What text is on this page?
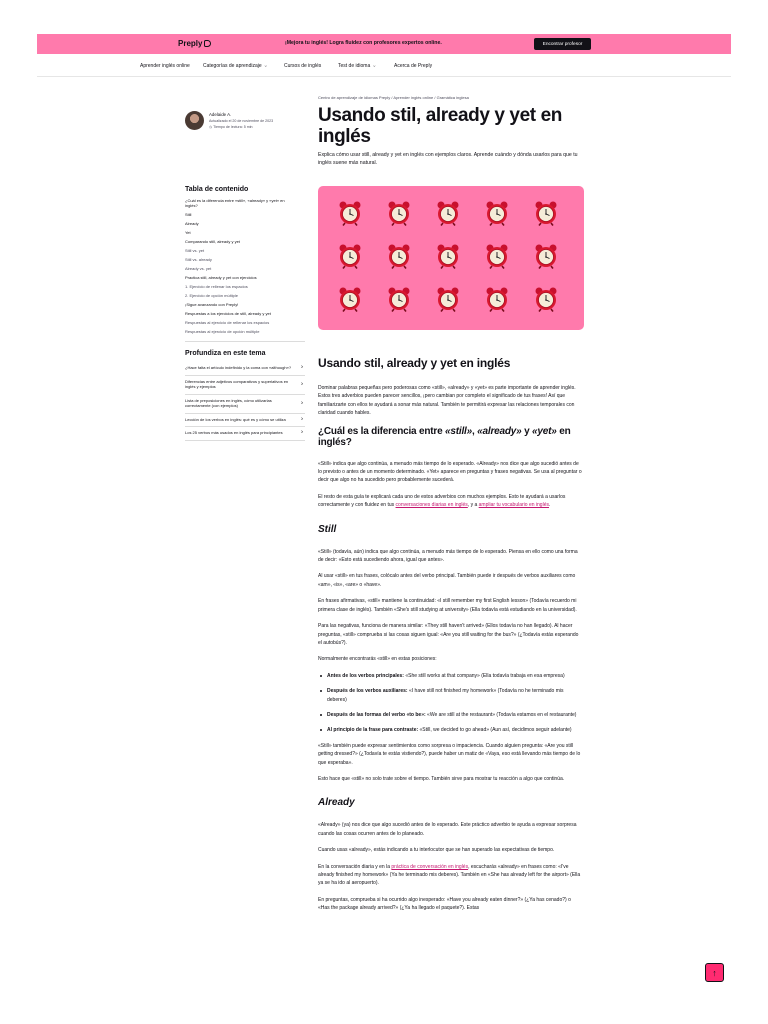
Preply	¡Mejora tu inglés! Logra fluidez con profesores expertos online.	Encontrar profesor
Aprender inglés online	Categorías de aprendizaje ⌄	Cursos de inglés	Test de idioma ⌄	Acerca de Preply
Adelaide A.
Actualizado el 20 de noviembre de 2023
◷ Tiempo de lectura: 5 min
Tabla de contenido
¿Cuál es la diferencia entre «still», «already» y «yet» en inglés?
Still
Already
Yet
Comparando still, already y yet
Still vs. yet
Still vs. already
Already vs. yet
Practica still, already y yet con ejercicios
1. Ejercicio de rellenar los espacios
2. Ejercicio de opción múltiple
¡Sigue avanzando con Preply!
Respuestas a los ejercicios de still, already y yet
Respuestas al ejercicio de rellenar los espacios
Respuestas al ejercicio de opción múltiple
Profundiza en este tema
¿Hace falta el artículo indefinido y la coma con «although»? ›
Diferencias entre adjetivos comparativos y superlativos en inglés y ejemplos	›
Lista de preposiciones en inglés, cómo utilizarlas correctamente (con ejemplos)	›
Lección de los verbos en inglés: qué es y cómo se utiliza	›
Los 25 verbos más usados en inglés para principiantes	›
Centro de aprendizaje de idiomas Preply / Aprender inglés online / Gramática inglesa
Usando stil, already y yet en inglés
Explica cómo usar still, already y yet en inglés con ejemplos claros. Aprende cuándo y dónda usarlos para que tu inglés suene más natural.
Usando stil, already y yet en inglés

Dominar palabras pequeñas pero poderosas como «still», «already» y «yet» es parte importante de aprender inglés. Estos tres adverbios pueden parecer sencillos, ¡pero cambian por completo el significado de tus frases! Así que familiarizarte con ellos te ayudará a sonar más natural. También te permitirá expresar las relaciones temporales con claridad cuando hables.

¿Cuál es la diferencia entre «still», «already» y «yet» en inglés?

«Still» indica que algo continúa, a menudo más tiempo de lo esperado. «Already» nos dice que algo sucedió antes de lo previsto o antes de un momento determinado. «Yet» aparece en preguntas y frases negativas. Se usa al preguntar o decir que algo no ha sucedido pero probablemente sucederá.

El resto de esta guía te explicará cada uno de estos adverbios con muchos ejemplos. Esto te ayudará a usarlos correctamente y con fluidez en tus conversaciones diarias en inglés, y a ampliar tu vocabulario en inglés.

Still

«Still» (todavía, aún) indica que algo continúa, a menudo más tiempo de lo esperado. Piensa en ello como una forma de decir: «Esto está sucediendo ahora, igual que antes».

Al usar «still» en tus frases, colócalo antes del verbo principal. También puede ir después de verbos auxiliares como «am», «is», «are» o «have».

En frases afirmativas, «still» mantiene la continuidad: «I still remember my first English lesson» (Todavía recuerdo mi primera clase de inglés). También «She's still studying at university» (Ella todavía está estudiando en la universidad).

Para las negativas, funciona de manera similar: «They still haven't arrived» (Ellos todavía no han llegado). Al hacer preguntas, «still» comprueba si las cosas siguen igual: «Are you still waiting for the bus?» (¿Todavía estás esperando el autobús?).

Normalmente encontrarás «still» en estas posiciones:

Antes de los verbos principales: «She still works at that company» (Ella todavía trabaja en esa empresa)
Después de los verbos auxiliares: «I have still not finished my homework» (Todavía no he terminado mis deberes)
Después de las formas del verbo «to be»: «We are still at the restaurant» (Todavía estamos en el restaurante)
Al principio de la frase para contraste: «Still, we decided to go ahead» (Aun así, decidimos seguir adelante)

«Still» también puede expresar sentimientos como sorpresa o impaciencia. Cuando alguien pregunta: «Are you still getting dressed?» (¿Todavía te estás vistiendo?), puede haber un matiz de «Vaya, eso está llevando más tiempo de lo que esperaba».

Esto hace que «still» no solo trate sobre el tiempo. También sirve para mostrar tu reacción a algo que continúa.

Already

«Already» (ya) nos dice que algo sucedió antes de lo esperado. Este práctico adverbio te ayuda a expresar sorpresa cuando las cosas ocurren antes de lo planeado.

Cuando usas «already», estás indicando a tu interlocutor que se han superado las expectativas de tiempo.

En la conversación diaria y en la práctica de conversación en inglés, escucharás «already» en frases como: «I've already finished my homework» (Ya he terminado mis deberes). También en «She has already left for the airport» (Ella ya se ha ido al aeropuerto).

En preguntas, comprueba si ha ocurrido algo inesperado: «Have you already eaten dinner?» (¿Ya has cenado?) o «Has the package already arrived?» (¿Ya ha llegado el paquete?). Estas

↑
